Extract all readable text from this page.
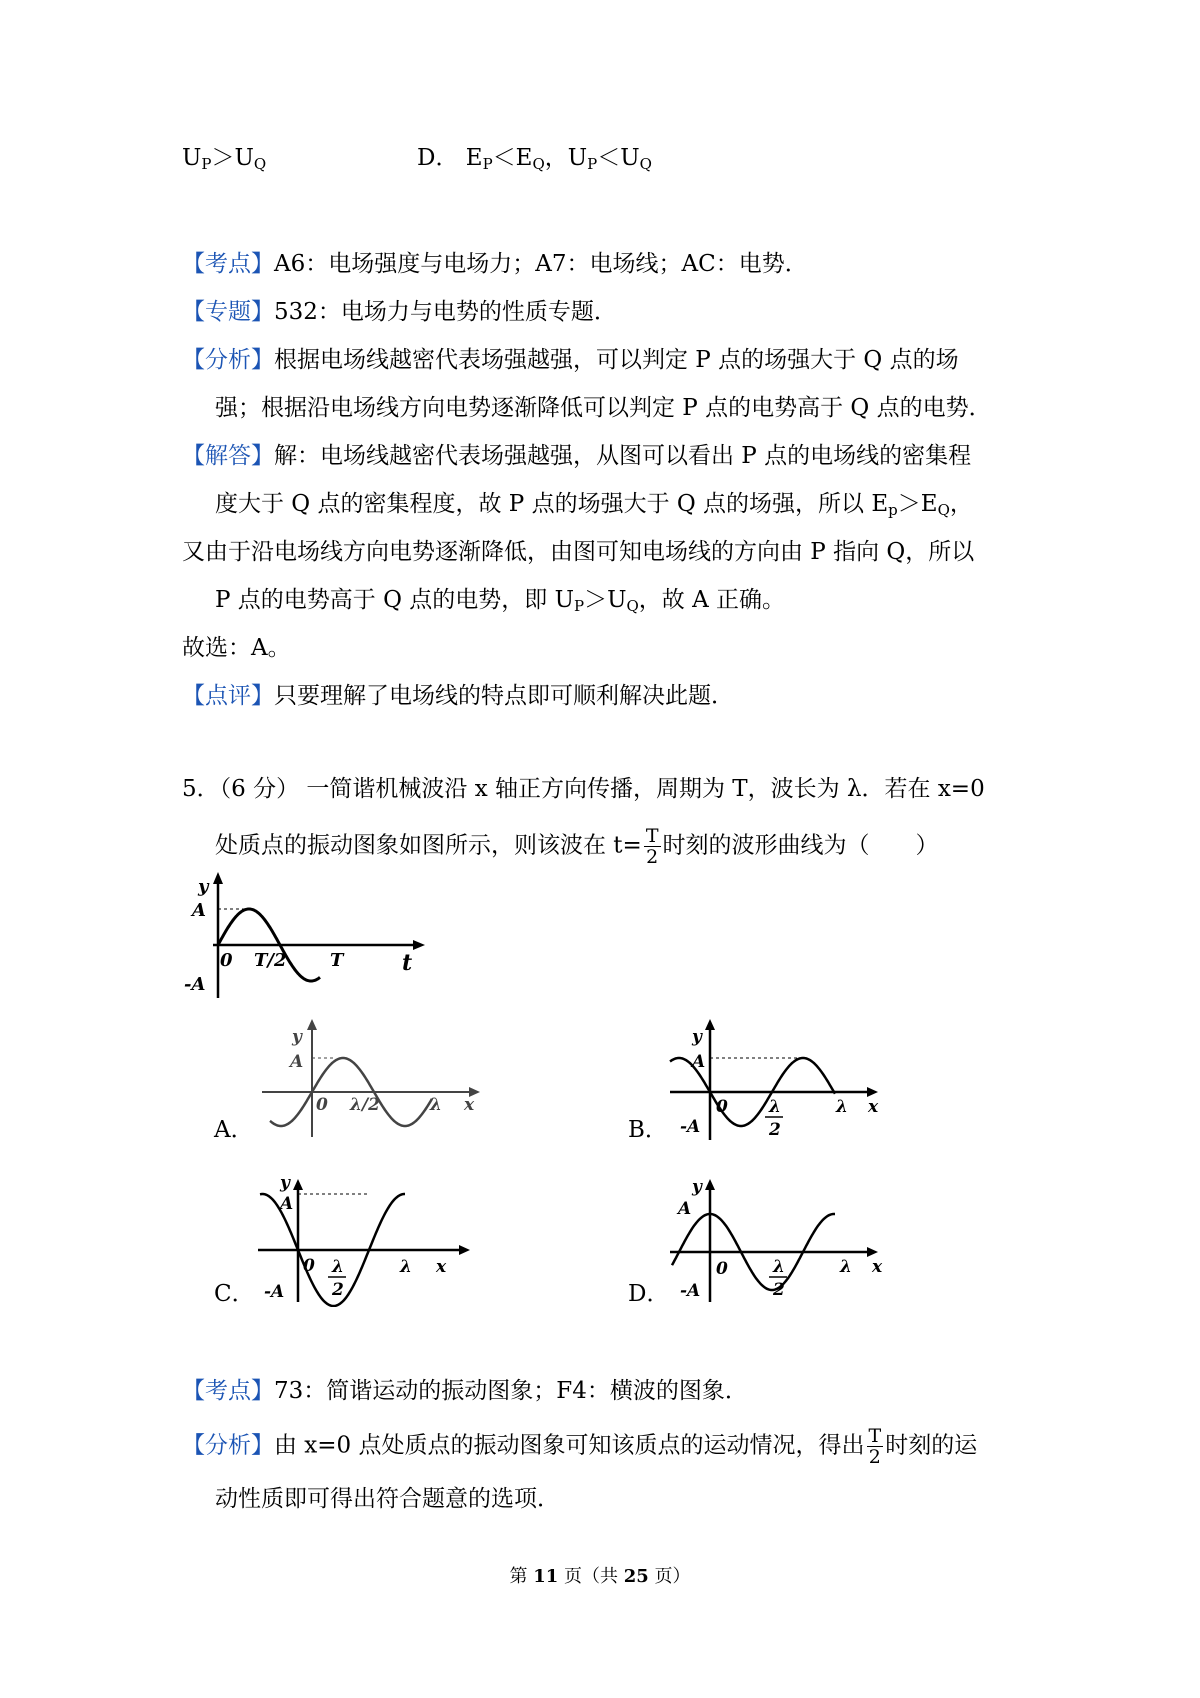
$U_P>U_Q$	D． $E_P<E_Q$，$U_P<U_Q$
【考点】A6：电场强度与电场力；A7：电场线；AC：电势．
【专题】532：电场力与电势的性质专题．
【分析】根据电场线越密代表场强越强，可以判定 P 点的场强大于 Q 点的场
强；根据沿电场线方向电势逐渐降低可以判定 P 点的电势高于 Q 点的电势．
【解答】解：电场线越密代表场强越强，从图可以看出 P 点的电场线的密集程
度大于 Q 点的密集程度，故 P 点的场强大于 Q 点的场强，所以 $E_p>E_Q$，
又由于沿电场线方向电势逐渐降低，由图可知电场线的方向由 P 指向 Q，所以
P 点的电势高于 Q 点的电势，即 $U_P>U_Q$，故 A 正确。
故选：A。
【点评】只要理解了电场线的特点即可顺利解决此题．
5．（6 分） 一简谐机械波沿 x 轴正方向传播，周期为 T，波长为 λ．若在 x=0
处质点的振动图象如图所示，则该波在 $t= \frac{T}{2}$ 时刻的波形曲线为（　　）
y
A
-A
0 T/2 T	t
y
A
0 λ/2	λ x
y
A
-A
0 λ
2
λ x
y
A
-A
0 λ
2
λ x
y
A
-A
0	λ
2
λ x
A．	B．
C．	D．
【考点】73：简谐运动的振动图象；F4：横波的图象．
【分析】由 x=0 点处质点的振动图象可知该质点的运动情况，得出 $\frac{T}{2}$ 时刻的运
动性质即可得出符合题意的选项．
第 11 页（共 25 页）
